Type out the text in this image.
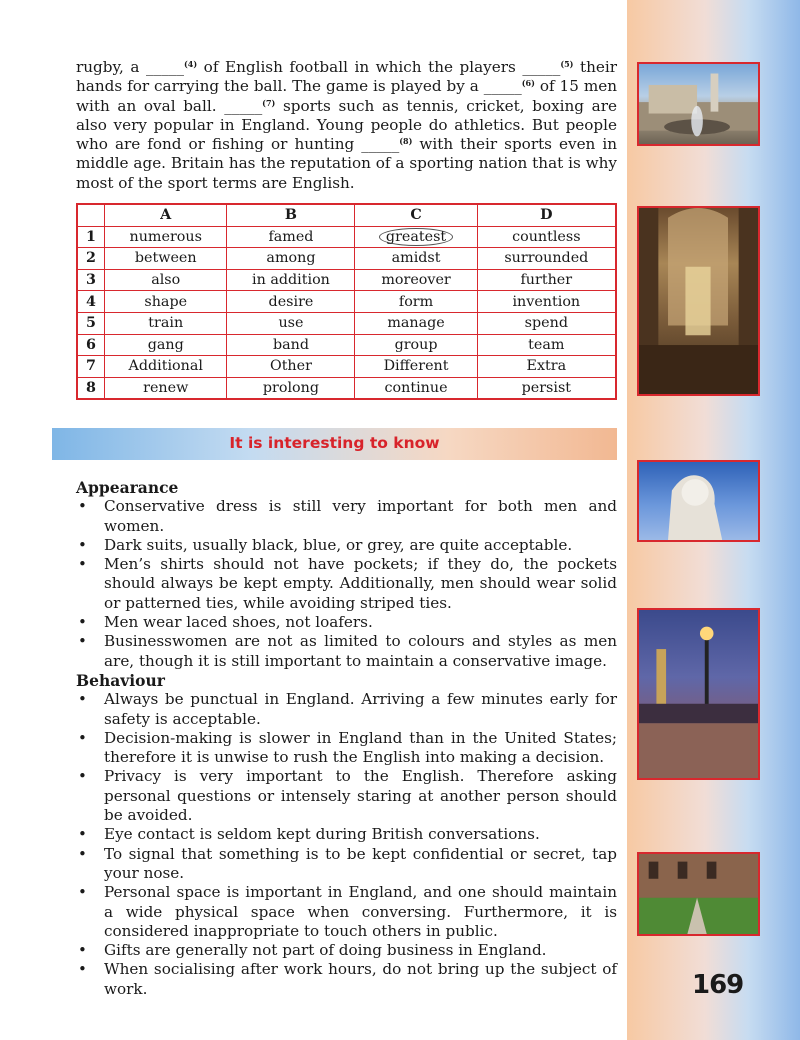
rugby, a _____$^{(4)}$ of English football in which the players _____$^{(5)}$ their hands for carrying the ball. The game is played by a _____$^{(6)}$ of 15 men with an oval ball. _____$^{(7)}$ sports such as tennis, cricket, boxing are also very popular in England. Young people do athletics. But people who are fond or fishing or hunting _____$^{(8)}$ with their sports even in middle age. Britain has the reputation of a sporting nation that is why most of the sport terms are English.
	A	B	C	D
1	numerous	famed	greatest	countless
2	between	among	amidst	surrounded
3	also	in addition	moreover	further
4	shape	desire	form	invention
5	train	use	manage	spend
6	gang	band	group	team
7	Additional	Other	Different	Extra
8	renew	prolong	continue	persist
It is interesting to know
Appearance
• Conservative dress is still very important for both men and women.
• Dark suits, usually black, blue, or grey, are quite acceptable.
• Men’s shirts should not have pockets; if they do, the pockets should always be kept empty. Additionally, men should wear solid or patterned ties, while avoiding striped ties.
• Men wear laced shoes, not loafers.
• Businesswomen are not as limited to colours and styles as men are, though it is still important to maintain a conservative image.
Behaviour
• Always be punctual in England. Arriving a few minutes early for safety is acceptable.
• Decision-making is slower in England than in the United States; therefore it is unwise to rush the English into making a decision.
• Privacy is very important to the English. Therefore asking personal questions or intensely staring at another person should be avoided.
• Eye contact is seldom kept during British conversations.
• To signal that something is to be kept confidential or secret, tap your nose.
• Personal space is important in England, and one should maintain a wide physical space when conversing. Furthermore, it is considered inappropriate to touch others in public.
• Gifts are generally not part of doing business in England.
• When socialising after work hours, do not bring up the subject of work.	169
